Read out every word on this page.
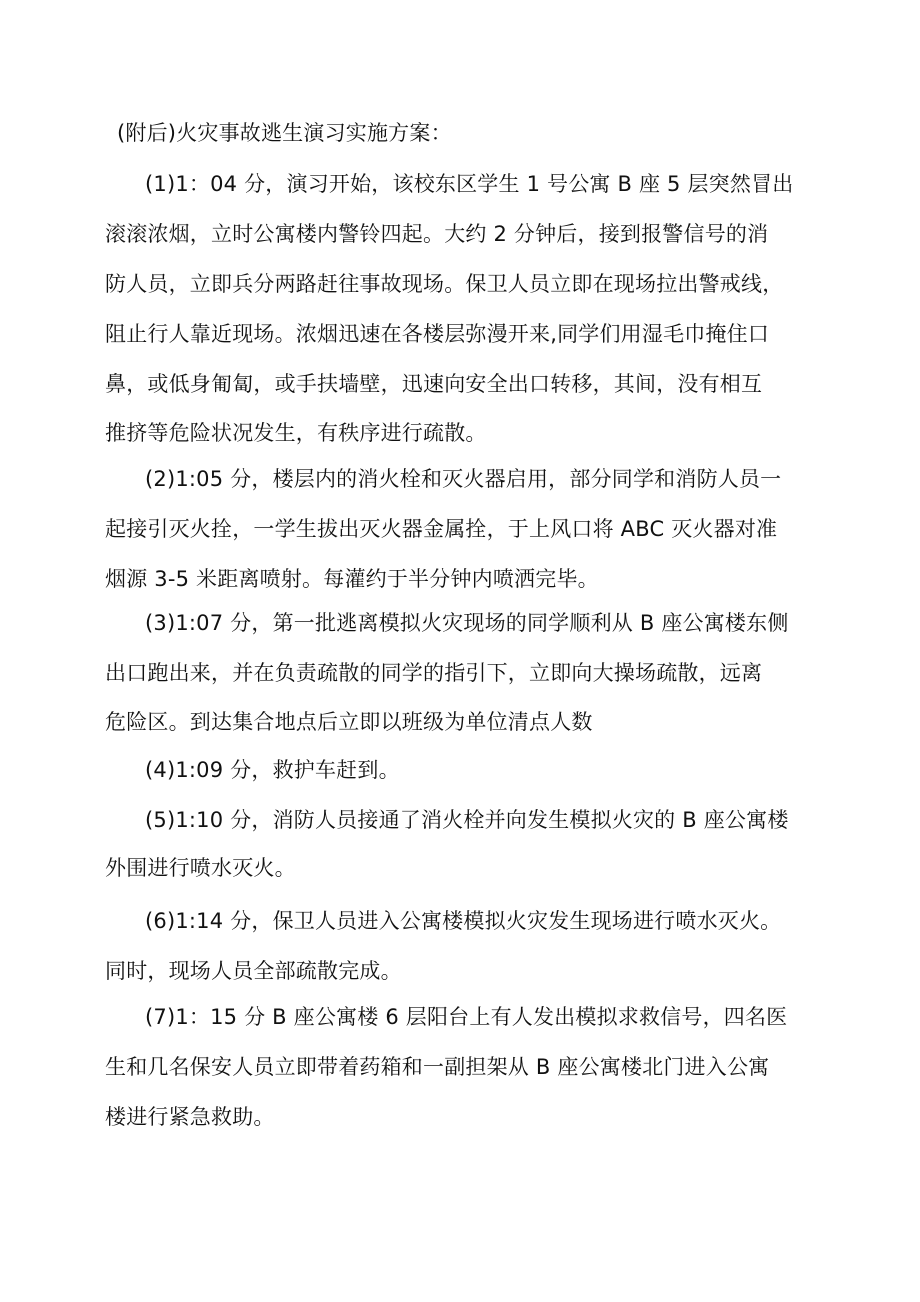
(附后)火灾事故逃生演习实施方案：
(1)1：04 分，演习开始，该校东区学生 1 号公寓 B 座 5 层突然冒出
滚滚浓烟，立时公寓楼内警铃四起。大约 2 分钟后，接到报警信号的消
防人员，立即兵分两路赶往事故现场。保卫人员立即在现场拉出警戒线，
阻止行人靠近现场。浓烟迅速在各楼层弥漫开来,同学们用湿毛巾掩住口
鼻，或低身匍匐，或手扶墙壁，迅速向安全出口转移，其间，没有相互
推挤等危险状况发生，有秩序进行疏散。
(2)1:05 分，楼层内的消火栓和灭火器启用，部分同学和消防人员一
起接引灭火拴，一学生拔出灭火器金属拴，于上风口将 ABC 灭火器对准
烟源 3-5 米距离喷射。每灌约于半分钟内喷洒完毕。
(3)1:07 分，第一批逃离模拟火灾现场的同学顺利从 B 座公寓楼东侧
出口跑出来，并在负责疏散的同学的指引下，立即向大操场疏散，远离
危险区。到达集合地点后立即以班级为单位清点人数
(4)1:09 分，救护车赶到。
(5)1:10 分，消防人员接通了消火栓并向发生模拟火灾的 B 座公寓楼
外围进行喷水灭火。
(6)1:14 分，保卫人员进入公寓楼模拟火灾发生现场进行喷水灭火。
同时，现场人员全部疏散完成。
(7)1：15 分 B 座公寓楼 6 层阳台上有人发出模拟求救信号，四名医
生和几名保安人员立即带着药箱和一副担架从 B 座公寓楼北门进入公寓
楼进行紧急救助。
